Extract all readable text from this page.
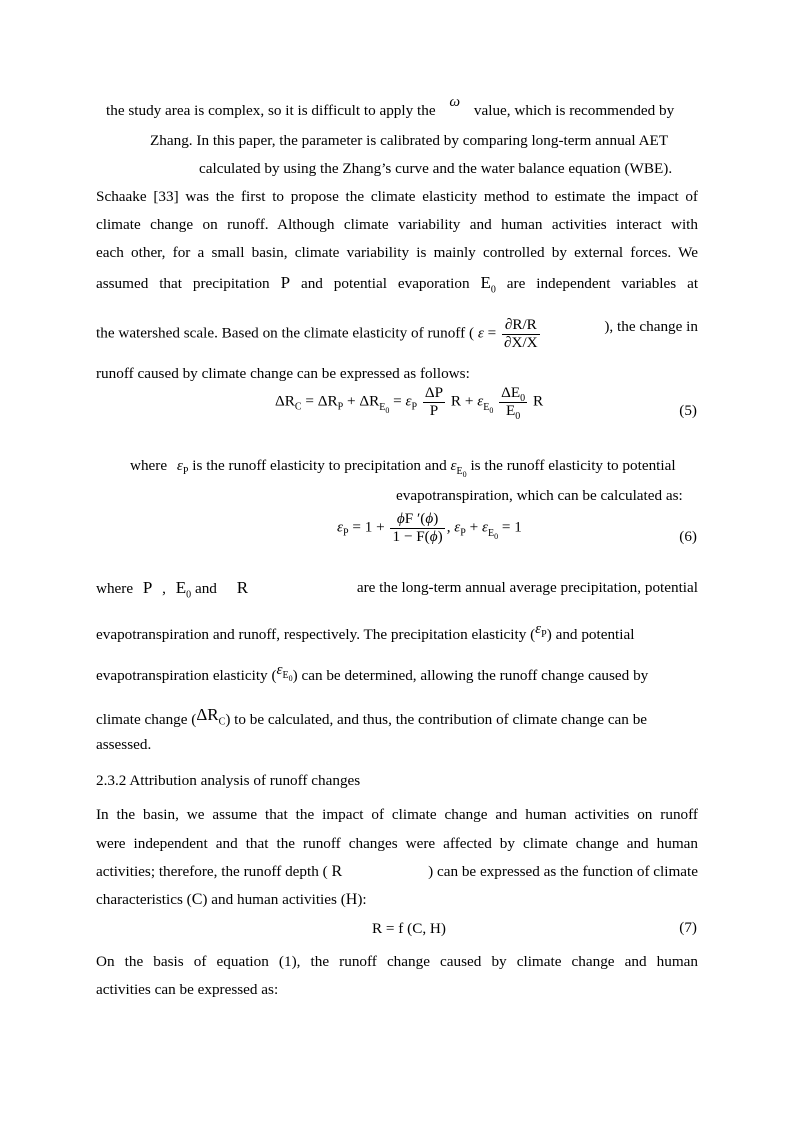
the study area is complex, so it is difficult to apply the ω value, which is recommended by
Zhang. In this paper, the parameter is calibrated by comparing long-term annual AET
calculated by using the Zhang’s curve and the water balance equation (WBE).
Schaake [33] was the first to propose the climate elasticity method to estimate the impact of
climate change on runoff. Although climate variability and human activities interact with
each other, for a small basin, climate variability is mainly controlled by external forces. We
assumed that precipitation P and potential evaporation $E_0$ are independent variables at
the watershed scale. Based on the climate elasticity of runoff ( $\varepsilon = \frac{\partial R/R}{\partial X/X}$	), the change in
runoff caused by climate change can be expressed as follows:
$\Delta R_C = \Delta R_P + \Delta R_{E_0} = \varepsilon_P \frac{\Delta P}{P}$ $R + \varepsilon_{E_0} \frac{\Delta E_0}{E_0}$ R
(5)
where $\varepsilon_P$ is the runoff elasticity to precipitation and $\varepsilon_{E_0}$ is the runoff elasticity to potential
evapotranspiration, which can be calculated as:
$\varepsilon_P = 1 + \frac{\phi F '(\phi)}{1 - F(\phi)}$ , $\varepsilon_P + \varepsilon_{E_0} = 1$
(6)
where P , $E_0$ and R	are the long-term annual average precipitation, potential
evapotranspiration and runoff, respectively. The precipitation elasticity $(\varepsilon_P)$ and potential
evapotranspiration elasticity $(\varepsilon_{E_0})$ can be determined, allowing the runoff change caused by
climate change $(\Delta R_C)$ to be calculated, and thus, the contribution of climate change can be
assessed.
2.3.2 Attribution analysis of runoff changes
In the basin, we assume that the impact of climate change and human activities on runoff
were independent and that the runoff changes were affected by climate change and human
activities; therefore, the runoff depth ( R	) can be expressed as the function of climate
characteristics (C) and human activities (H):
R = f (C, H)	(7)
On the basis of equation (1), the runoff change caused by climate change and human
activities can be expressed as:
